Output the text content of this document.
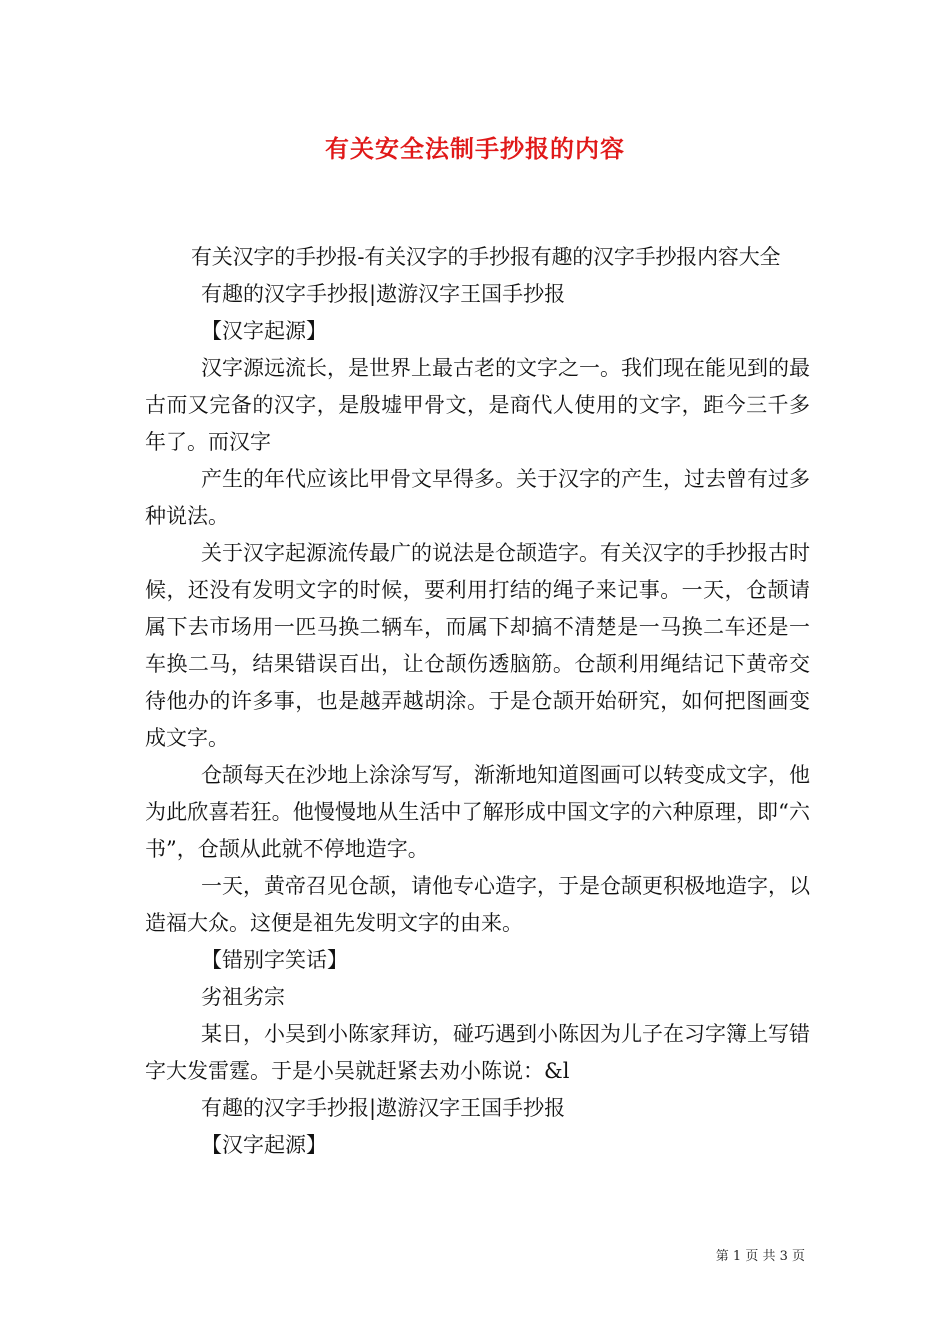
有关安全法制手抄报的内容

有关汉字的手抄报-有关汉字的手抄报有趣的汉字手抄报内容大全

有趣的汉字手抄报|遨游汉字王国手抄报

【汉字起源】

汉字源远流长，是世界上最古老的文字之一。我们现在能见到的最古而又完备的汉字，是殷墟甲骨文，是商代人使用的文字，距今三千多年了。而汉字

产生的年代应该比甲骨文早得多。关于汉字的产生，过去曾有过多种说法。

关于汉字起源流传最广的说法是仓颉造字。有关汉字的手抄报古时候，还没有发明文字的时候，要利用打结的绳子来记事。一天，仓颉请属下去市场用一匹马换二辆车，而属下却搞不清楚是一马换二车还是一车换二马，结果错误百出，让仓颉伤透脑筋。仓颉利用绳结记下黄帝交待他办的许多事，也是越弄越胡涂。于是仓颉开始研究，如何把图画变成文字。

仓颉每天在沙地上涂涂写写，渐渐地知道图画可以转变成文字，他为此欣喜若狂。他慢慢地从生活中了解形成中国文字的六种原理，即“六书”，仓颉从此就不停地造字。

一天，黄帝召见仓颉，请他专心造字，于是仓颉更积极地造字，以造福大众。这便是祖先发明文字的由来。

【错别字笑话】

劣祖劣宗

某日，小吴到小陈家拜访，碰巧遇到小陈因为儿子在习字簿上写错字大发雷霆。于是小吴就赶紧去劝小陈说：&l

有趣的汉字手抄报|遨游汉字王国手抄报

【汉字起源】

第 1 页 共 3 页
